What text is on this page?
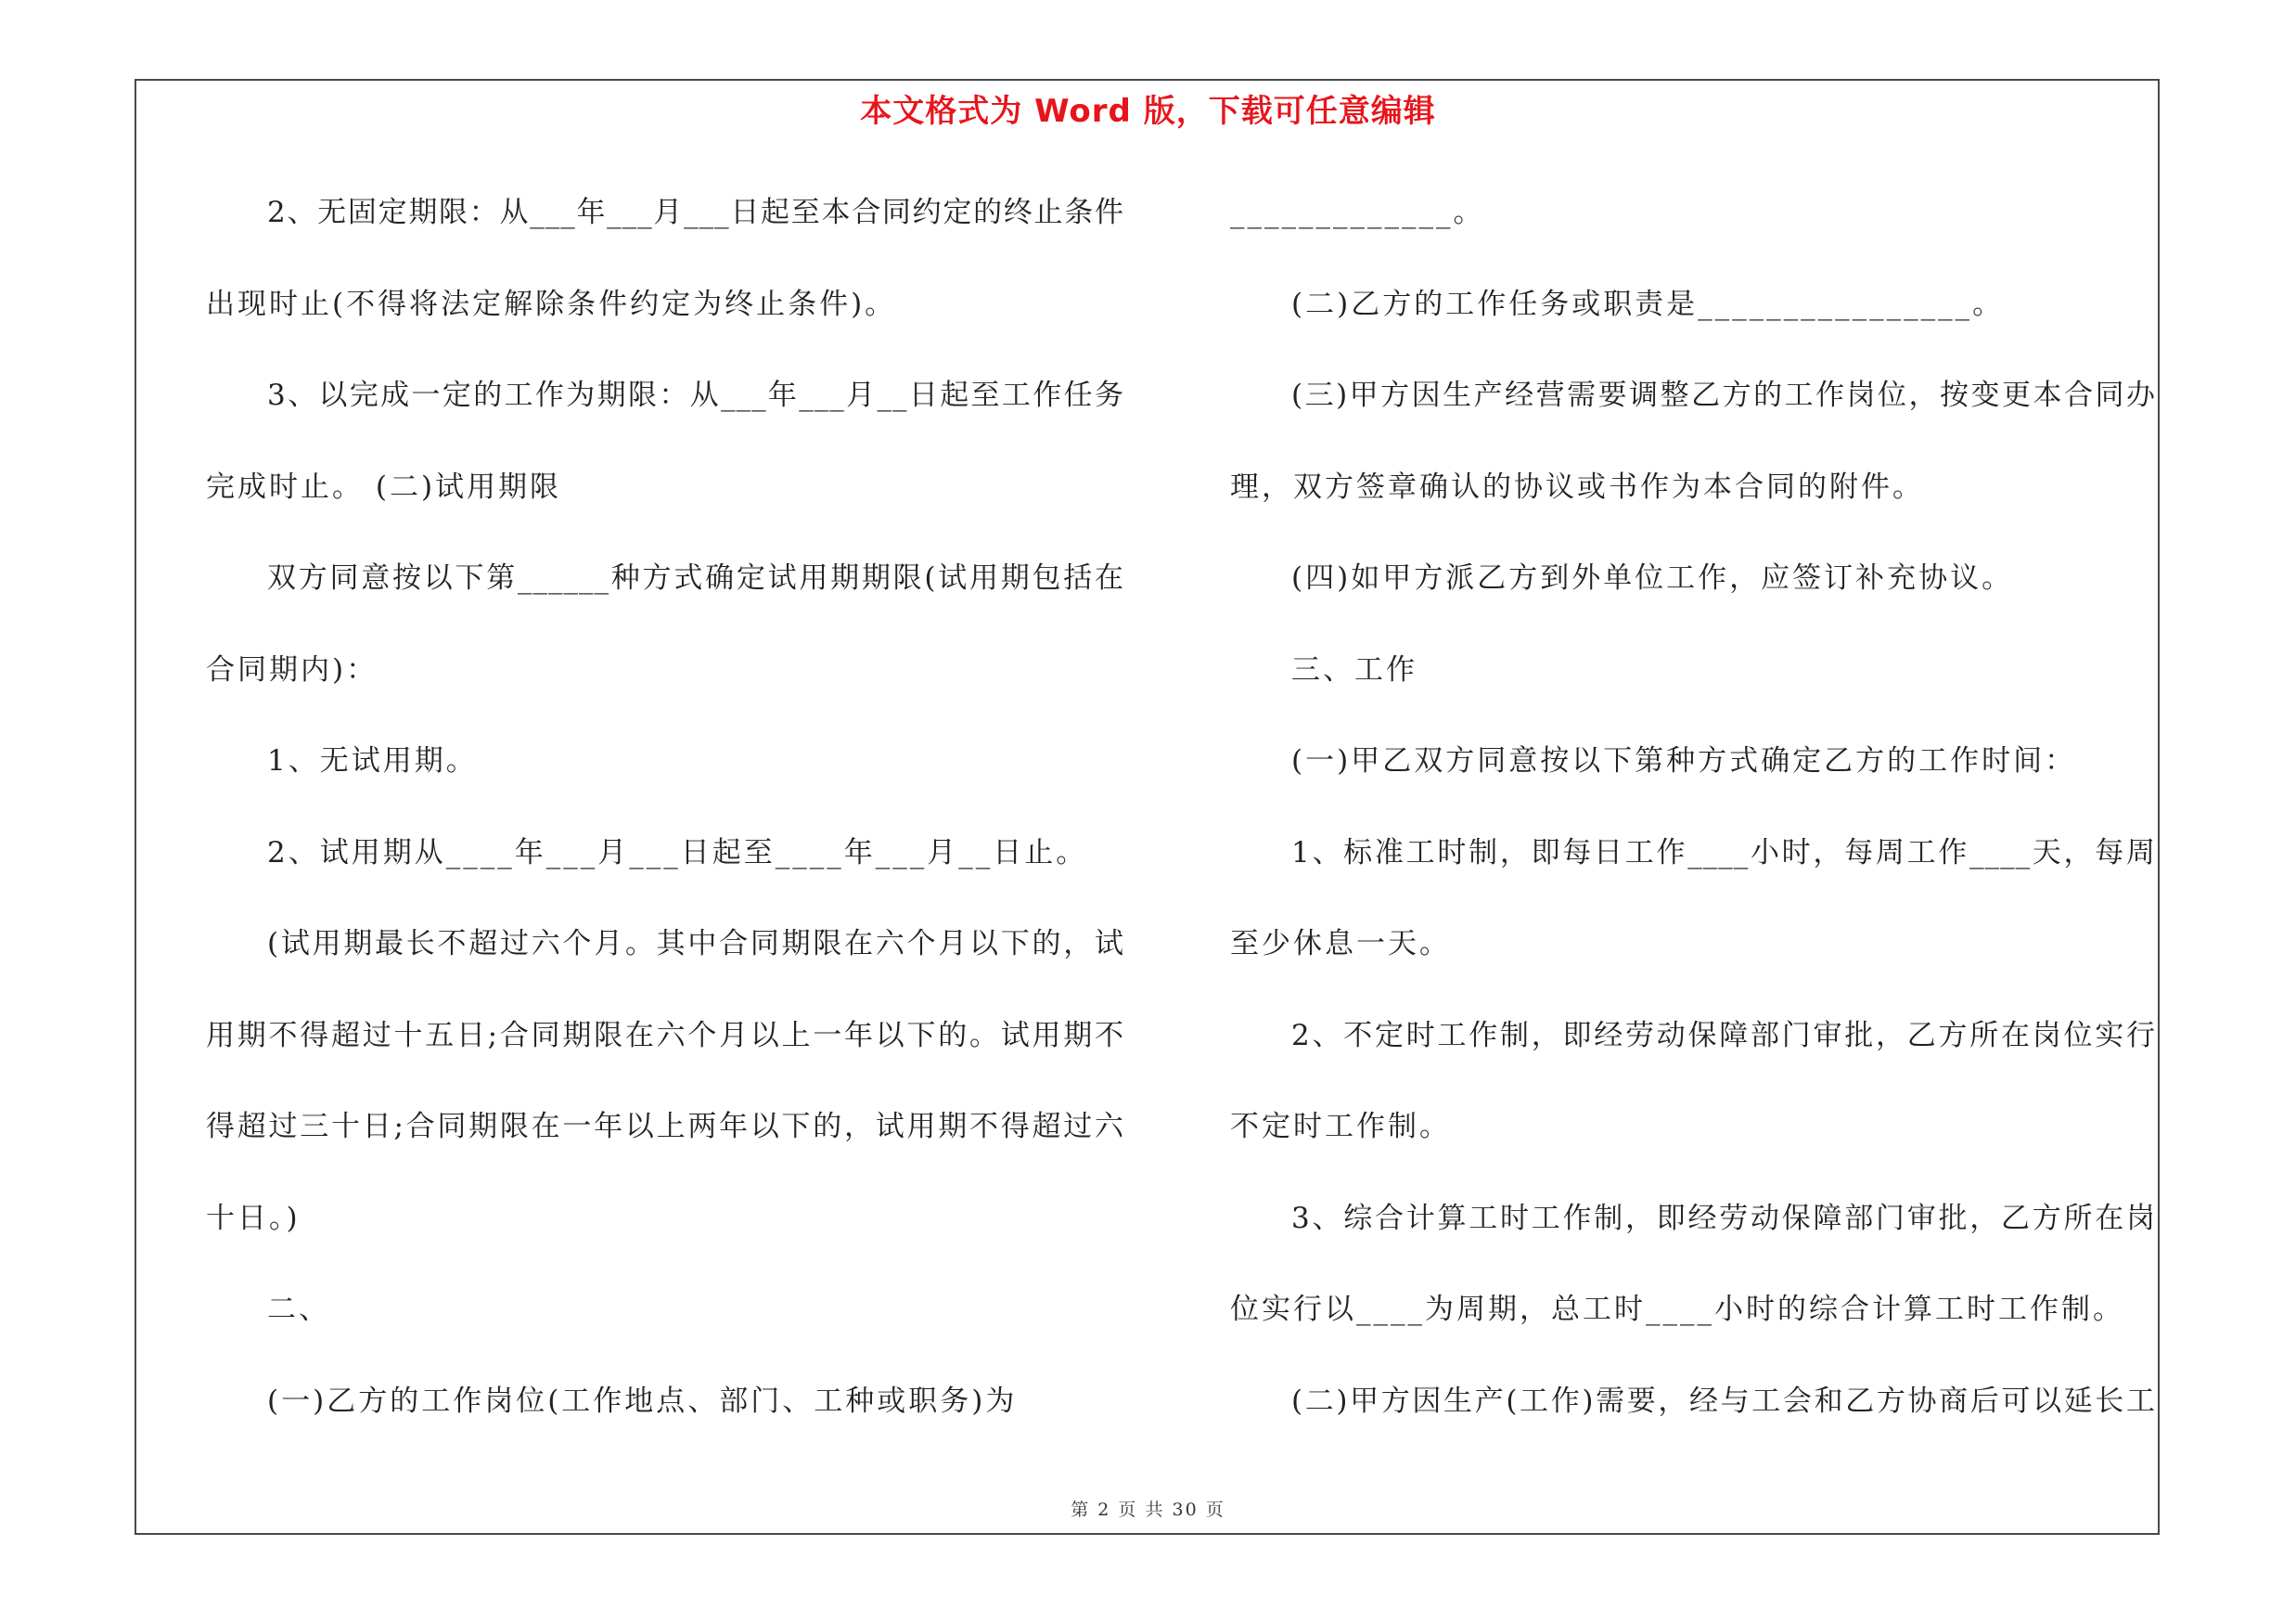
本文格式为 Word 版，下载可任意编辑
2、无固定期限：从___年___月___日起至本合同约定的终止条件
出现时止(不得将法定解除条件约定为终止条件)。
3、以完成一定的工作为期限：从___年___月__日起至工作任务
完成时止。 (二)试用期限
双方同意按以下第______种方式确定试用期期限(试用期包括在
合同期内)：
1、无试用期。
2、试用期从____年___月___日起至____年___月__日止。
(试用期最长不超过六个月。其中合同期限在六个月以下的，试
用期不得超过十五日;合同期限在六个月以上一年以下的。试用期不
得超过三十日;合同期限在一年以上两年以下的，试用期不得超过六
十日。)
二、
(一)乙方的工作岗位(工作地点、部门、工种或职务)为
_____________。
(二)乙方的工作任务或职责是________________。
(三)甲方因生产经营需要调整乙方的工作岗位，按变更本合同办
理，双方签章确认的协议或书作为本合同的附件。
(四)如甲方派乙方到外单位工作，应签订补充协议。
三、工作
(一)甲乙双方同意按以下第种方式确定乙方的工作时间：
1、标准工时制，即每日工作____小时，每周工作____天，每周
至少休息一天。
2、不定时工作制，即经劳动保障部门审批，乙方所在岗位实行
不定时工作制。
3、综合计算工时工作制，即经劳动保障部门审批，乙方所在岗
位实行以____为周期，总工时____小时的综合计算工时工作制。
(二)甲方因生产(工作)需要，经与工会和乙方协商后可以延长工
第 2 页 共 30 页
